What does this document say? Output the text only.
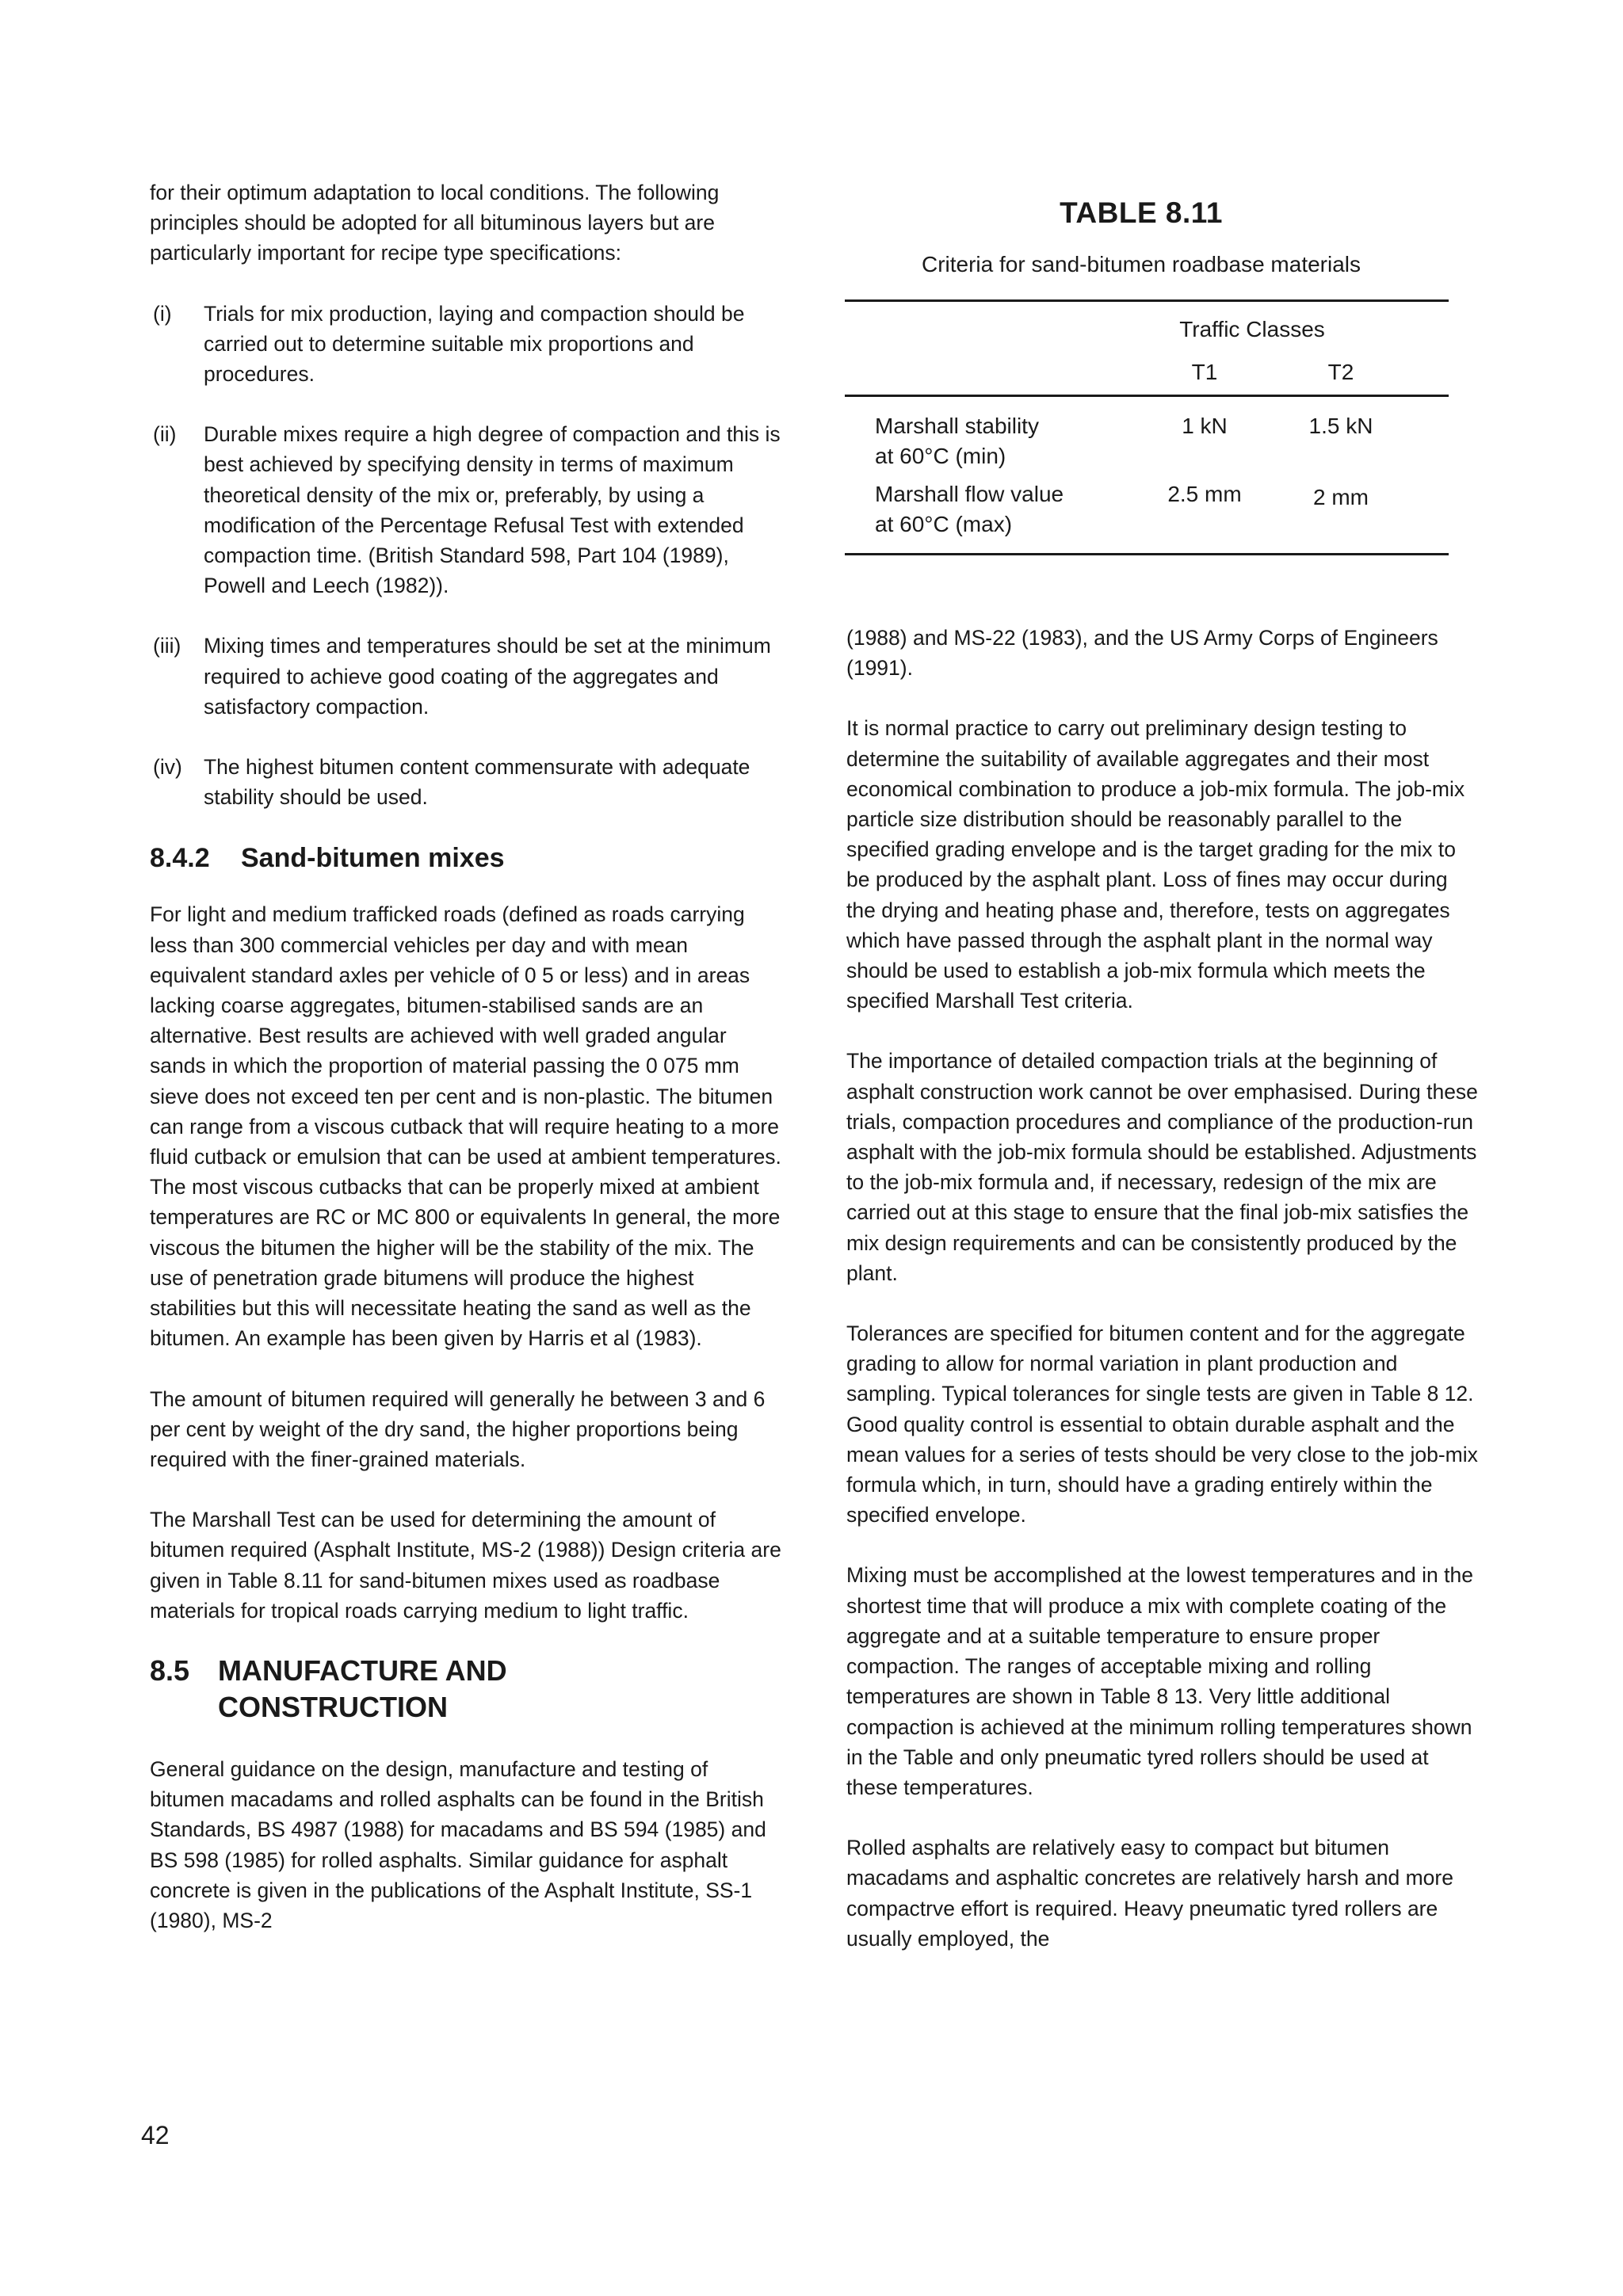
for their optimum adaptation to local conditions. The following principles should be adopted for all bituminous layers but are particularly important for recipe type specifications:

(i) Trials for mix production, laying and compaction should be carried out to determine suitable mix proportions and procedures.
(ii) Durable mixes require a high degree of compaction and this is best achieved by specifying density in terms of maximum theoretical density of the mix or, preferably, by using a modification of the Percentage Refusal Test with extended compaction time. (British Standard 598, Part 104 (1989), Powell and Leech (1982)).
(iii) Mixing times and temperatures should be set at the minimum required to achieve good coating of the aggregates and satisfactory compaction.
(iv) The highest bitumen content commensurate with adequate stability should be used.
8.4.2 Sand-bitumen mixes

For light and medium trafficked roads (defined as roads carrying less than 300 commercial vehicles per day and with mean equivalent standard axles per vehicle of 0 5 or less) and in areas lacking coarse aggregates, bitumen-stabilised sands are an alternative. Best results are achieved with well graded angular sands in which the proportion of material passing the 0 075 mm sieve does not exceed ten per cent and is non-plastic. The bitumen can range from a viscous cutback that will require heating to a more fluid cutback or emulsion that can be used at ambient temperatures. The most viscous cutbacks that can be properly mixed at ambient temperatures are RC or MC 800 or equivalents In general, the more viscous the bitumen the higher will be the stability of the mix. The use of penetration grade bitumens will produce the highest stabilities but this will necessitate heating the sand as well as the bitumen. An example has been given by Harris et al (1983).

The amount of bitumen required will generally he between 3 and 6 per cent by weight of the dry sand, the higher proportions being required with the finer-grained materials.

The Marshall Test can be used for determining the amount of bitumen required (Asphalt Institute, MS-2 (1988)) Design criteria are given in Table 8.11 for sand-bitumen mixes used as roadbase materials for tropical roads carrying medium to light traffic.

8.5 MANUFACTURE AND
CONSTRUCTION

General guidance on the design, manufacture and testing of bitumen macadams and rolled asphalts can be found in the British Standards, BS 4987 (1988) for macadams and BS 594 (1985) and BS 598 (1985) for rolled asphalts. Similar guidance for asphalt concrete is given in the publications of the Asphalt Institute, SS-1 (1980), MS-2

TABLE 8.11
Criteria for sand-bitumen roadbase materials
Traffic Classes
T1	T2
Marshall stability
at 60°C (min)
1 kN	1.5 kN
Marshall flow value
at 60°C (max)
2.5 mm	2 mm

(1988) and MS-22 (1983), and the US Army Corps of Engineers (1991).

It is normal practice to carry out preliminary design testing to determine the suitability of available aggregates and their most economical combination to produce a job-mix formula. The job-mix particle size distribution should be reasonably parallel to the specified grading envelope and is the target grading for the mix to be produced by the asphalt plant. Loss of fines may occur during the drying and heating phase and, therefore, tests on aggregates which have passed through the asphalt plant in the normal way should be used to establish a job-mix formula which meets the specified Marshall Test criteria.

The importance of detailed compaction trials at the beginning of asphalt construction work cannot be over emphasised. During these trials, compaction procedures and compliance of the production-run asphalt with the job-mix formula should be established. Adjustments to the job-mix formula and, if necessary, redesign of the mix are carried out at this stage to ensure that the final job-mix satisfies the mix design requirements and can be consistently produced by the plant.

Tolerances are specified for bitumen content and for the aggregate grading to allow for normal variation in plant production and sampling. Typical tolerances for single tests are given in Table 8 12. Good quality control is essential to obtain durable asphalt and the mean values for a series of tests should be very close to the job-mix formula which, in turn, should have a grading entirely within the specified envelope.

Mixing must be accomplished at the lowest temperatures and in the shortest time that will produce a mix with complete coating of the aggregate and at a suitable temperature to ensure proper compaction. The ranges of acceptable mixing and rolling temperatures are shown in Table 8 13. Very little additional compaction is achieved at the minimum rolling temperatures shown in the Table and only pneumatic tyred rollers should be used at these temperatures.

Rolled asphalts are relatively easy to compact but bitumen macadams and asphaltic concretes are relatively harsh and more compactrve effort is required. Heavy pneumatic tyred rollers are usually employed, the

42
